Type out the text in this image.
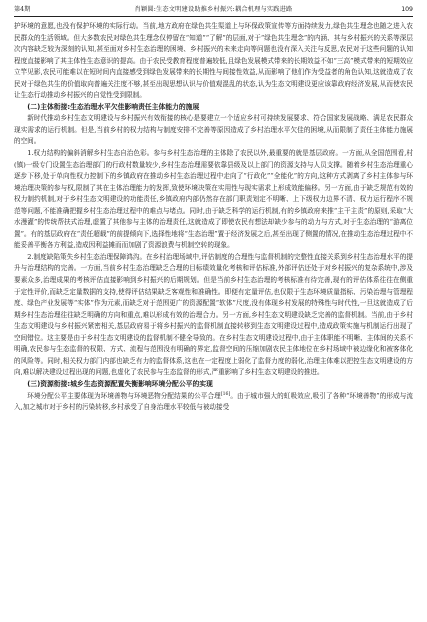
第4期	肖颖圆:生态文明建设助推乡村振兴:耦合机理与实践进路	109

护环境的意愿,也没有保护环境的实际行动。当前,地方政府在绿色共生渠道上与环保政策宣传等方面持续发力,绿色共生理念也随之进入农民群众的生活领域。但大多数农民对绿色共生理念仅停留在“知道”“了解”的层面,对于“绿色共生理念”的内涵、其与乡村振兴的关系等深层次内容缺乏较为深刻的认知,甚至面对乡村生态治理的困境、乡村振兴的未来走向等问题也没有深入关注与反思,农民对于这些问题的认知程度直接影响了其主体性生态意识的提高。由于农民受教育程度普遍较低,且绿色发展模式带来的长期效益不如“三高”模式带来的短期效应立竿见影,农民可能难以在短时间内直接感受到绿色发展带来的长期性与间接性效益,从而影响了他们作为受益者的角色认知,这就造成了农民对于绿色共生的价值取向普遍关注度不够,甚至出现思想认识与价值观混乱的状态,认为生态文明建设更应该靠政府经济发展,从而使农民让生态行动推动乡村振兴的自觉性受到限制。

(二)主体衔接:生态治理水平欠佳影响责任主体能力的施展

新时代推动乡村生态文明建设与乡村振兴有效衔接的核心是要建立一个适应乡村可持续发展要求、符合国家发展战略、满足农民群众现实需求的运行机制。但是,当前乡村的权力结构与制度安排不完善等原因造成了乡村治理水平欠佳的困境,从而限制了责任主体能力施展的空间。

1.权力结构的偏斜消解乡村生态自治色彩。参与乡村生态治理的主体除了农民以外,最重要的就是基层政府。一方面,从全国范围看,村(镇)一级专门设置生态治理部门的行政村数量较少,乡村生态治理需要依靠县级及以上部门的资源支持与人员支撑。随着乡村生态治理重心逐步下移,处于单向性权力控制下的乡镇政府在推动乡村生态治理过程中走向了“行政化”“全能化”的方向,这种方式剥离了乡村主体参与环境治理决策的参与权,限制了其在主体治理能力的发挥,致使环境决策在实用性与现实需求上形成效能偏移。另一方面,由于缺乏规范有效的权力制约机制,对于乡村生态文明建设的功能责任,乡镇政府内部仍然存在部门职责划定不明晰、上下级权力边界不清、权力运行程序不规范等问题,不能准确把握乡村生态治理过程中的难点与堵点。同时,由于缺乏科学的运行机制,有的乡镇政府来推“主干主责”的原则,采取“大水漫灌”的传统帮扶式治理,虚置了其他参与主体的治理责任,这就造成了即使农民有想法却缺少参与的动力与方式,对于生态治理的“游离位置”。有的基层政府在“责任超载”的前提倾向下,选择性地将“生态治理”置于经济发展之后,甚至出现了侧置的情况,在推动生态治理过程中不能妥善平衡各方利益,造成因利益摊而而加剧了资源浪费与机制空转的现象。

2.制度缺陷策失乡村生态治理保障鸿沟。在乡村治理场域中,评估制度的合理性与监督机制的完整性直接关系到乡村生态治理水平的提升与治理结构的完善。一方面,当前乡村生态治理缺乏合理的目标绩效量化考核和评估标准,外部评估还处于对乡村振兴的复杂系统中,涉及要素众多,治理成果的考核评估直接影响到乡村振兴的后期规划。但是当前乡村生态治理的考核标准有待完善,现有的评估体系往往在侧重于定性评价,而缺乏定量数据的支持,使得评估结果缺乏客观性和准确性。即便有定量评估,也仅限于生态环境质量指标、污染治理与管理程度、绿色产业发展等“实体”作为元素,而缺乏对于范围更广的资源配置“软体”尺度,没有体现乡村发展的特殊性与时代性,一旦这就造成了后期乡村生态治理往往缺乏明确的方向和重点,难以形成有效的治理合力。另一方面,乡村生态文明建设缺乏完善的监督机制。当前,由于乡村生态文明建设与乡村振兴紧密相关,基层政府易于将乡村振兴的监督机制直接转移到生态文明建设过程中,造成政策实施与机制运行出现了空间错位。这主要是由于乡村生态文明建设的监督机制不健全导致的。在乡村生态文明建设过程中,由于主体职能不明晰、主体间的关系不明确,农民参与生态监督的权限、方式、流程与范围没有明确的界定,监督空间的压缩加剧农民主体地位在乡村场域中被边缘化和被客体化的风险等。同时,相关权力部门内部也缺乏有力的监督体系,这也在一定程度上弱化了监督力度的弱化,治理主体难以把控生态文明建设的方向,难以解决建设过程出现的问题,也虚化了农民参与生态监督的形式,严重影响了乡村生态文明建设的推进。

(三)资源衔接:城乡生态资源配置失衡影响环境分配公平的实现

环境分配公平主要体现为环境善物与环境恶物分配结果的公平合理[16]。由于城市强大的虹吸效应,吸引了各种“环境善物”的形成与流入,加之城市对于乡村的污染转移,乡村承受了自身治理水平较低与被动接受
